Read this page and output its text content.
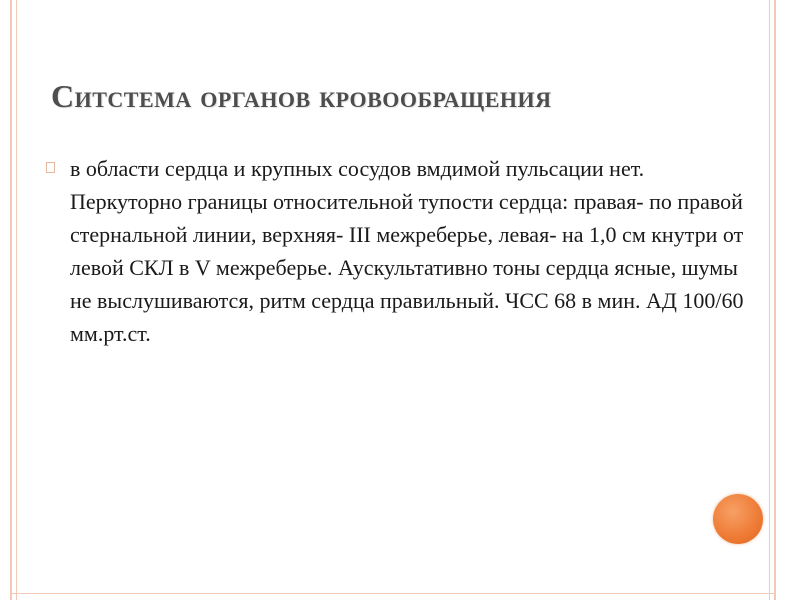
Ситстема органов кровообращения

в области сердца и крупных сосудов вмдимой пульсации нет. Перкуторно границы относительной тупости сердца: правая- по правой стернальной линии, верхняя- III межреберье, левая- на 1,0 см кнутри от левой СКЛ в V межреберье. Аускультативно тоны сердца ясные, шумы не выслушиваются, ритм сердца правильный. ЧСС 68 в мин. АД 100/60 мм.рт.ст.
